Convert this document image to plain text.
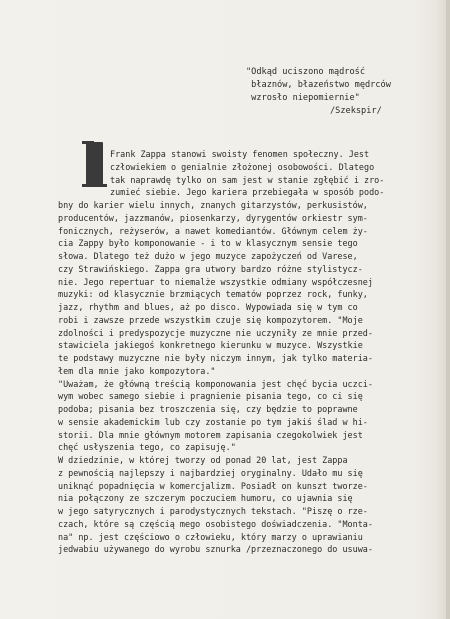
"Odkąd uciszono mądrość
błaznów, błazeństwo mędrców
wzrosło niepomiernie"
/Szekspir/
Frank Zappa stanowi swoisty fenomen społeczny. Jest
człowiekiem o genialnie złożonej osobowości. Dlatego
tak naprawdę tylko on sam jest w stanie zgłębić i zro-
zumieć siebie. Jego kariera przebiegała w sposób podo-
bny do karier wielu innych, znanych gitarzystów, perkusistów,
producentów, jazzmanów, piosenkarzy, dyrygentów orkiestr sym-
fonicznych, reżyserów, a nawet komediantów. Głównym celem ży-
cia Zappy było komponowanie - i to w klasycznym sensie tego
słowa. Dlatego też dużo w jego muzyce zapożyczeń od Varese,
czy Strawińskiego. Zappa gra utwory bardzo różne stylistycz-
nie. Jego repertuar to niemalże wszystkie odmiany współczesnej
muzyki: od klasycznie brzmiących tematów poprzez rock, funky,
jazz, rhythm and blues, aż po disco. Wypowiada się w tym co
robi i zawsze przede wszystkim czuje się kompozytorem. "Moje
zdolności i predyspozycje muzyczne nie uczyniły ze mnie przed-
stawiciela jakiegoś konkretnego kierunku w muzyce. Wszystkie
te podstawy muzyczne nie były niczym innym, jak tylko materia-
łem dla mnie jako kompozytora."
"Uważam, że główną treścią komponowania jest chęć bycia uczci-
wym wobec samego siebie i pragnienie pisania tego, co ci się
podoba; pisania bez troszczenia się, czy będzie to poprawne
w sensie akademickim lub czy zostanie po tym jakiś ślad w hi-
storii. Dla mnie głównym motorem zapisania czegokolwiek jest
chęć usłyszenia tego, co zapisuję."
W dziedzinie, w której tworzy od ponad 20 lat, jest Zappa
z pewnością najlepszy i najbardziej oryginalny. Udało mu się
uniknąć popadnięcia w komercjalizm. Posiadł on kunszt tworze-
nia połączony ze szczerym poczuciem humoru, co ujawnia się
w jego satyrycznych i parodystycznych tekstach. "Piszę o rze-
czach, które są częścią mego osobistego doświadczenia. "Monta-
na" np. jest częściowo o człowieku, który marzy o uprawianiu
jedwabiu używanego do wyrobu sznurka /przeznaczonego do usuwa-
